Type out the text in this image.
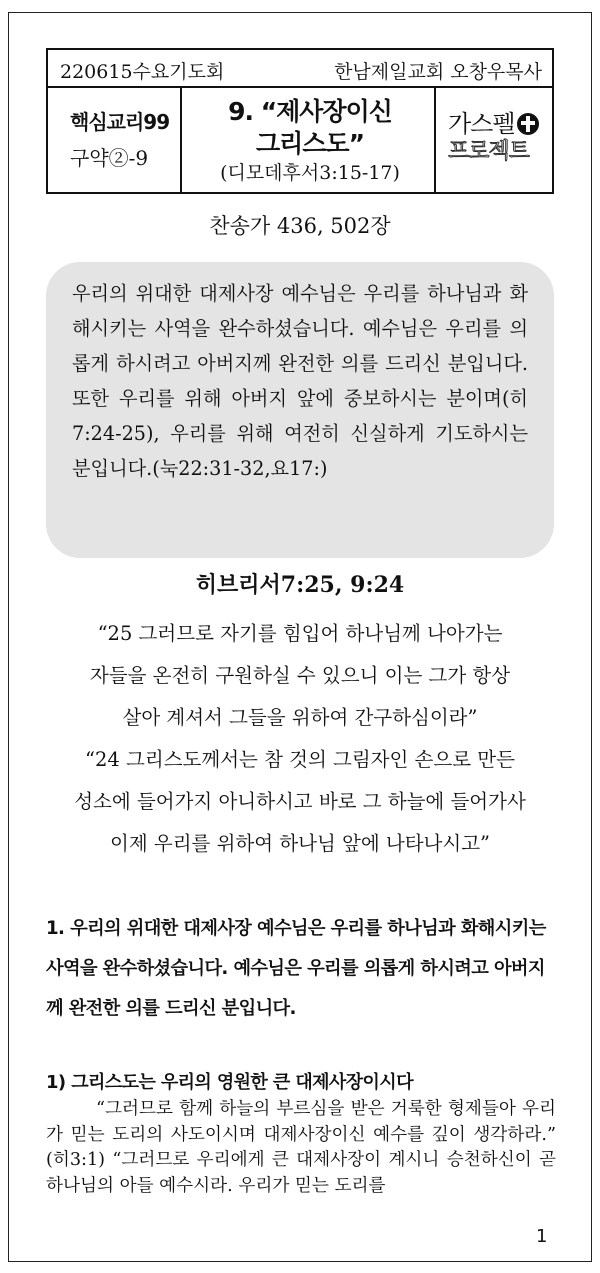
220615수요기도회	한남제일교회 오창우목사
핵심교리99
구약②-9
9. “제사장이신
그리스도”
(디모데후서3:15-17)
가스펠
프로젝트
찬송가 436, 502장

우리의 위대한 대제사장 예수님은 우리를 하나님과 화해시키는 사역을 완수하셨습니다. 예수님은 우리를 의롭게 하시려고 아버지께 완전한 의를 드리신 분입니다. 또한 우리를 위해 아버지 앞에 중보하시는 분이며(히7:24-25), 우리를 위해 여전히 신실하게 기도하시는 분입니다.(눅22:31-32,요17:)

히브리서7:25, 9:24
“25 그러므로 자기를 힘입어 하나님께 나아가는
자들을 온전히 구원하실 수 있으니 이는 그가 항상
살아 계셔서 그들을 위하여 간구하심이라”
“24 그리스도께서는 참 것의 그림자인 손으로 만든
성소에 들어가지 아니하시고 바로 그 하늘에 들어가사
이제 우리를 위하여 하나님 앞에 나타나시고”
1. 우리의 위대한 대제사장 예수님은 우리를 하나님과 화해시키는 사역을 완수하셨습니다. 예수님은 우리를 의롭게 하시려고 아버지께 완전한 의를 드리신 분입니다.
1) 그리스도는 우리의 영원한 큰 대제사장이시다

“그러므로 함께 하늘의 부르심을 받은 거룩한 형제들아 우리가 믿는 도리의 사도이시며 대제사장이신 예수를 깊이 생각하라.” (히3:1) “그러므로 우리에게 큰 대제사장이 계시니 승천하신이 곧 하나님의 아들 예수시라. 우리가 믿는 도리를

1
